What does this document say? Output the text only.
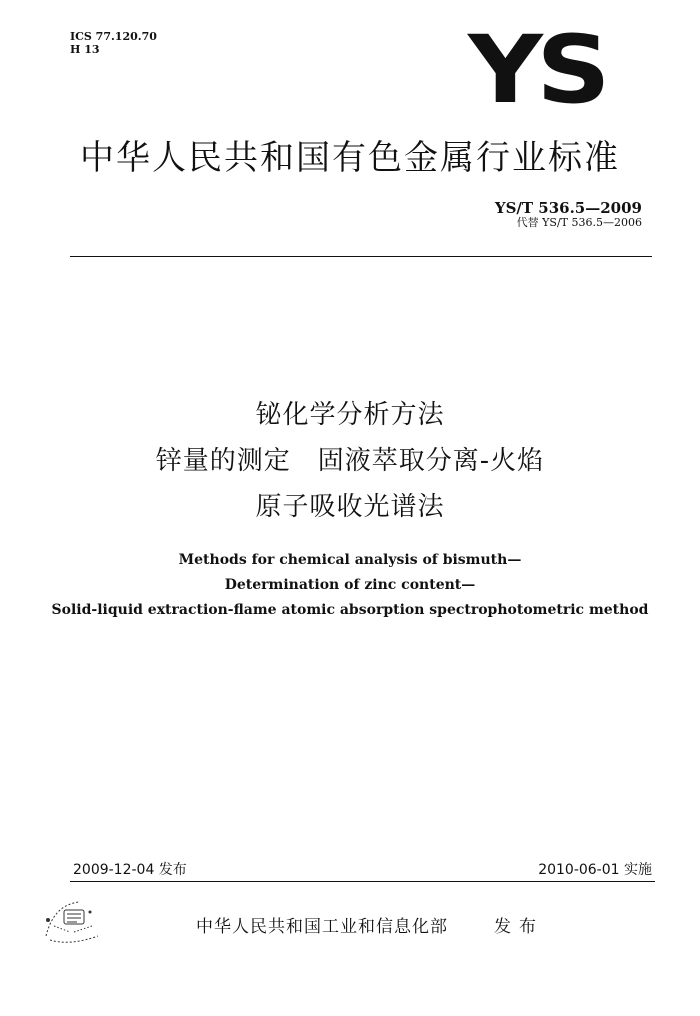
ICS 77.120.70
H 13	YS
中华人民共和国有色金属行业标准
YS/T 536.5—2009
代替 YS/T 536.5—2006
铋化学分析方法
锌量的测定　固液萃取分离-火焰
原子吸收光谱法
Methods for chemical analysis of bismuth—
Determination of zinc content—
Solid-liquid extraction-flame atomic absorption spectrophotometric method
2009-12-04 发布	2010-06-01 实施
中华人民共和国工业和信息化部	发布
